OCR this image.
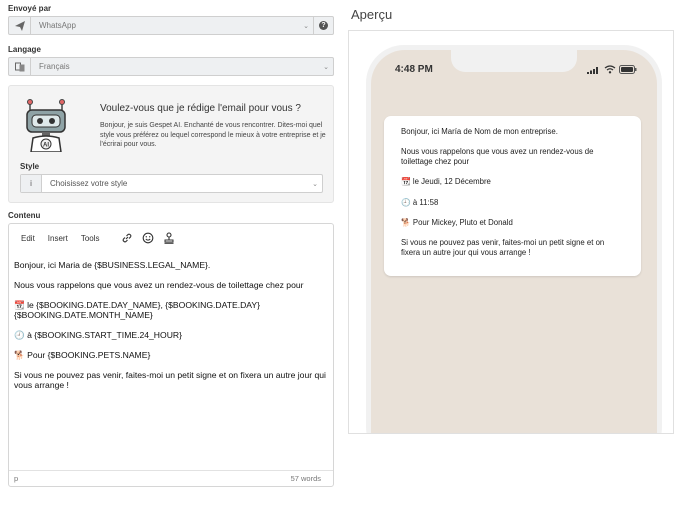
Envoyé par
WhatsApp	⌄	?
Langage
Français	⌄
AI
Voulez-vous que je rédige l'email pour vous ?
Bonjour, je suis Gespet AI. Enchanté de vous rencontrer. Dites-moi quel style vous préférez ou lequel correspond le mieux à votre entreprise et je l'écrirai pour vous.
Style
i	Choisissez votre style	⌄
Contenu
Edit Insert Tools

Bonjour, ici Maria de {$BUSINESS.LEGAL_NAME}.

Nous vous rappelons que vous avez un rendez-vous de toilettage chez pour

📆 le {$BOOKING.DATE.DAY_NAME}, {$BOOKING.DATE.DAY} {$BOOKING.DATE.MONTH_NAME}

🕘 à {$BOOKING.START_TIME.24_HOUR}

🐕 Pour {$BOOKING.PETS.NAME}

Si vous ne pouvez pas venir, faites-moi un petit signe et on fixera un autre jour qui vous arrange !

p	57 words
Aperçu
4:48 PM

Bonjour, ici María de Nom de mon entreprise.

Nous vous rappelons que vous avez un rendez-vous de toilettage chez pour

📆 le Jeudi, 12 Décembre

🕘 à 11:58

🐕 Pour Mickey, Pluto et Donald

Si vous ne pouvez pas venir, faites-moi un petit signe et on fixera un autre jour qui vous arrange !
